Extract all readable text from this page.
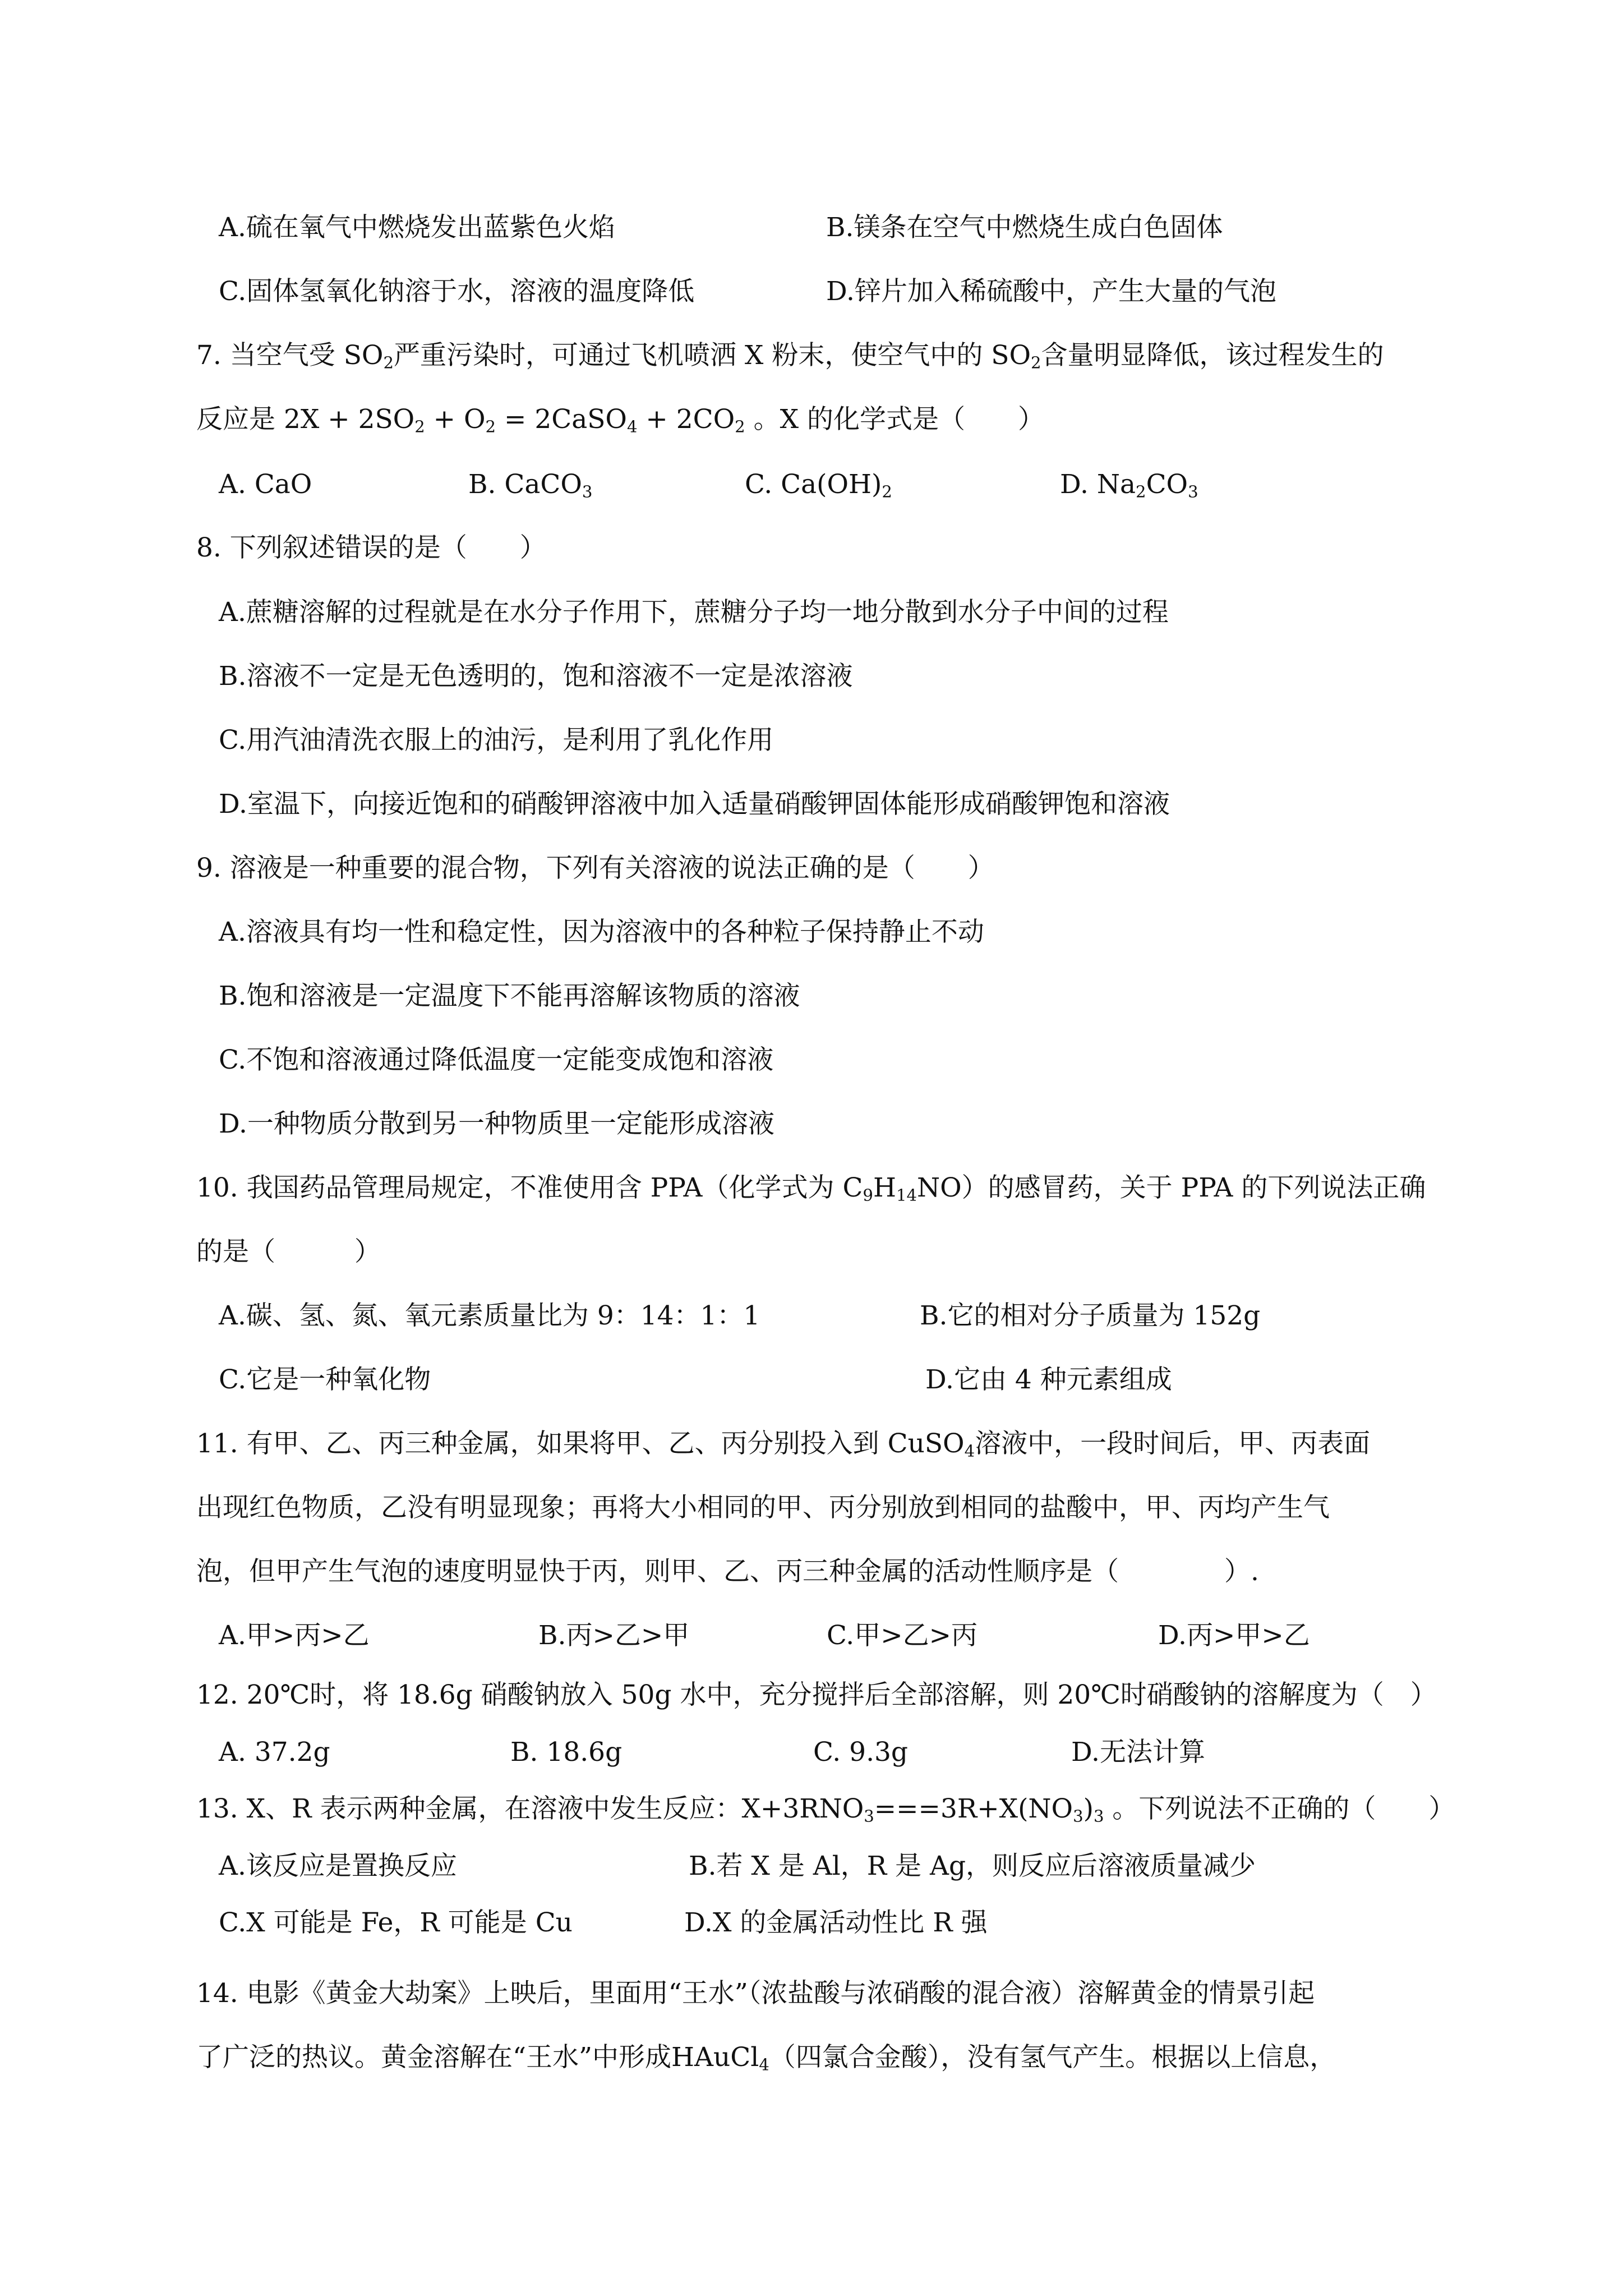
A.硫在氧气中燃烧发出蓝紫色火焰	B.镁条在空气中燃烧生成白色固体
C.固体氢氧化钠溶于水，溶液的温度降低	D.锌片加入稀硫酸中，产生大量的气泡
7. 当空气受 $SO_2$严重污染时，可通过飞机喷洒 X 粉末，使空气中的 $SO_2$含量明显降低，该过程发生的
反应是 $2X + 2SO_2 + O_2$ = 2CaSO$_4$ + $2CO_2$ 。X 的化学式是（　　）
A. CaO	B. CaCO$_3$	C. $Ca(OH)_2$	D. $Na_2CO_3$
8. 下列叙述错误的是（　　）
A.蔗糖溶解的过程就是在水分子作用下，蔗糖分子均一地分散到水分子中间的过程
B.溶液不一定是无色透明的，饱和溶液不一定是浓溶液
C.用汽油清洗衣服上的油污，是利用了乳化作用
D.室温下，向接近饱和的硝酸钾溶液中加入适量硝酸钾固体能形成硝酸钾饱和溶液
9. 溶液是一种重要的混合物，下列有关溶液的说法正确的是（　　）
A.溶液具有均一性和稳定性，因为溶液中的各种粒子保持静止不动
B.饱和溶液是一定温度下不能再溶解该物质的溶液
C.不饱和溶液通过降低温度一定能变成饱和溶液
D.一种物质分散到另一种物质里一定能形成溶液
10. 我国药品管理局规定，不准使用含 PPA（化学式为 $C_9H_{14}NO$）的感冒药，关于 PPA 的下列说法正确
的是（　　　）
A.碳、氢、氮、氧元素质量比为 9：14：1：1	B.它的相对分子质量为 152g
C.它是一种氧化物	D.它由 4 种元素组成
11. 有甲、乙、丙三种金属，如果将甲、乙、丙分别投入到 CuSO$_4$溶液中，一段时间后，甲、丙表面
出现红色物质，乙没有明显现象；再将大小相同的甲、丙分别放到相同的盐酸中，甲、丙均产生气
泡，但甲产生气泡的速度明显快于丙，则甲、乙、丙三种金属的活动性顺序是（　　　　）.
A.甲>丙>乙	B.丙>乙>甲	C.甲>乙>丙	D.丙>甲>乙
12. 20℃时，将 18.6g 硝酸钠放入 50g 水中，充分搅拌后全部溶解，则 20℃时硝酸钠的溶解度为（　）
A. 37.2g	B. 18.6g	C. 9.3g	D.无法计算
13. X、R 表示两种金属，在溶液中发生反应：$X+3RNO_3===3R+X(NO_3)_3$ 。下列说法不正确的（　　）
A.该反应是置换反应	B.若 X 是 Al，R 是 Ag，则反应后溶液质量减少
C.X 可能是 Fe，R 可能是 Cu	D.X 的金属活动性比 R 强
14. 电影《黄金大劫案》上映后，里面用“王水”（浓盐酸与浓硝酸的混合液）溶解黄金的情景引起
了广泛的热议。黄金溶解在“王水”中形成HAuCl$_4$（四氯合金酸），没有氢气产生。根据以上信息，
